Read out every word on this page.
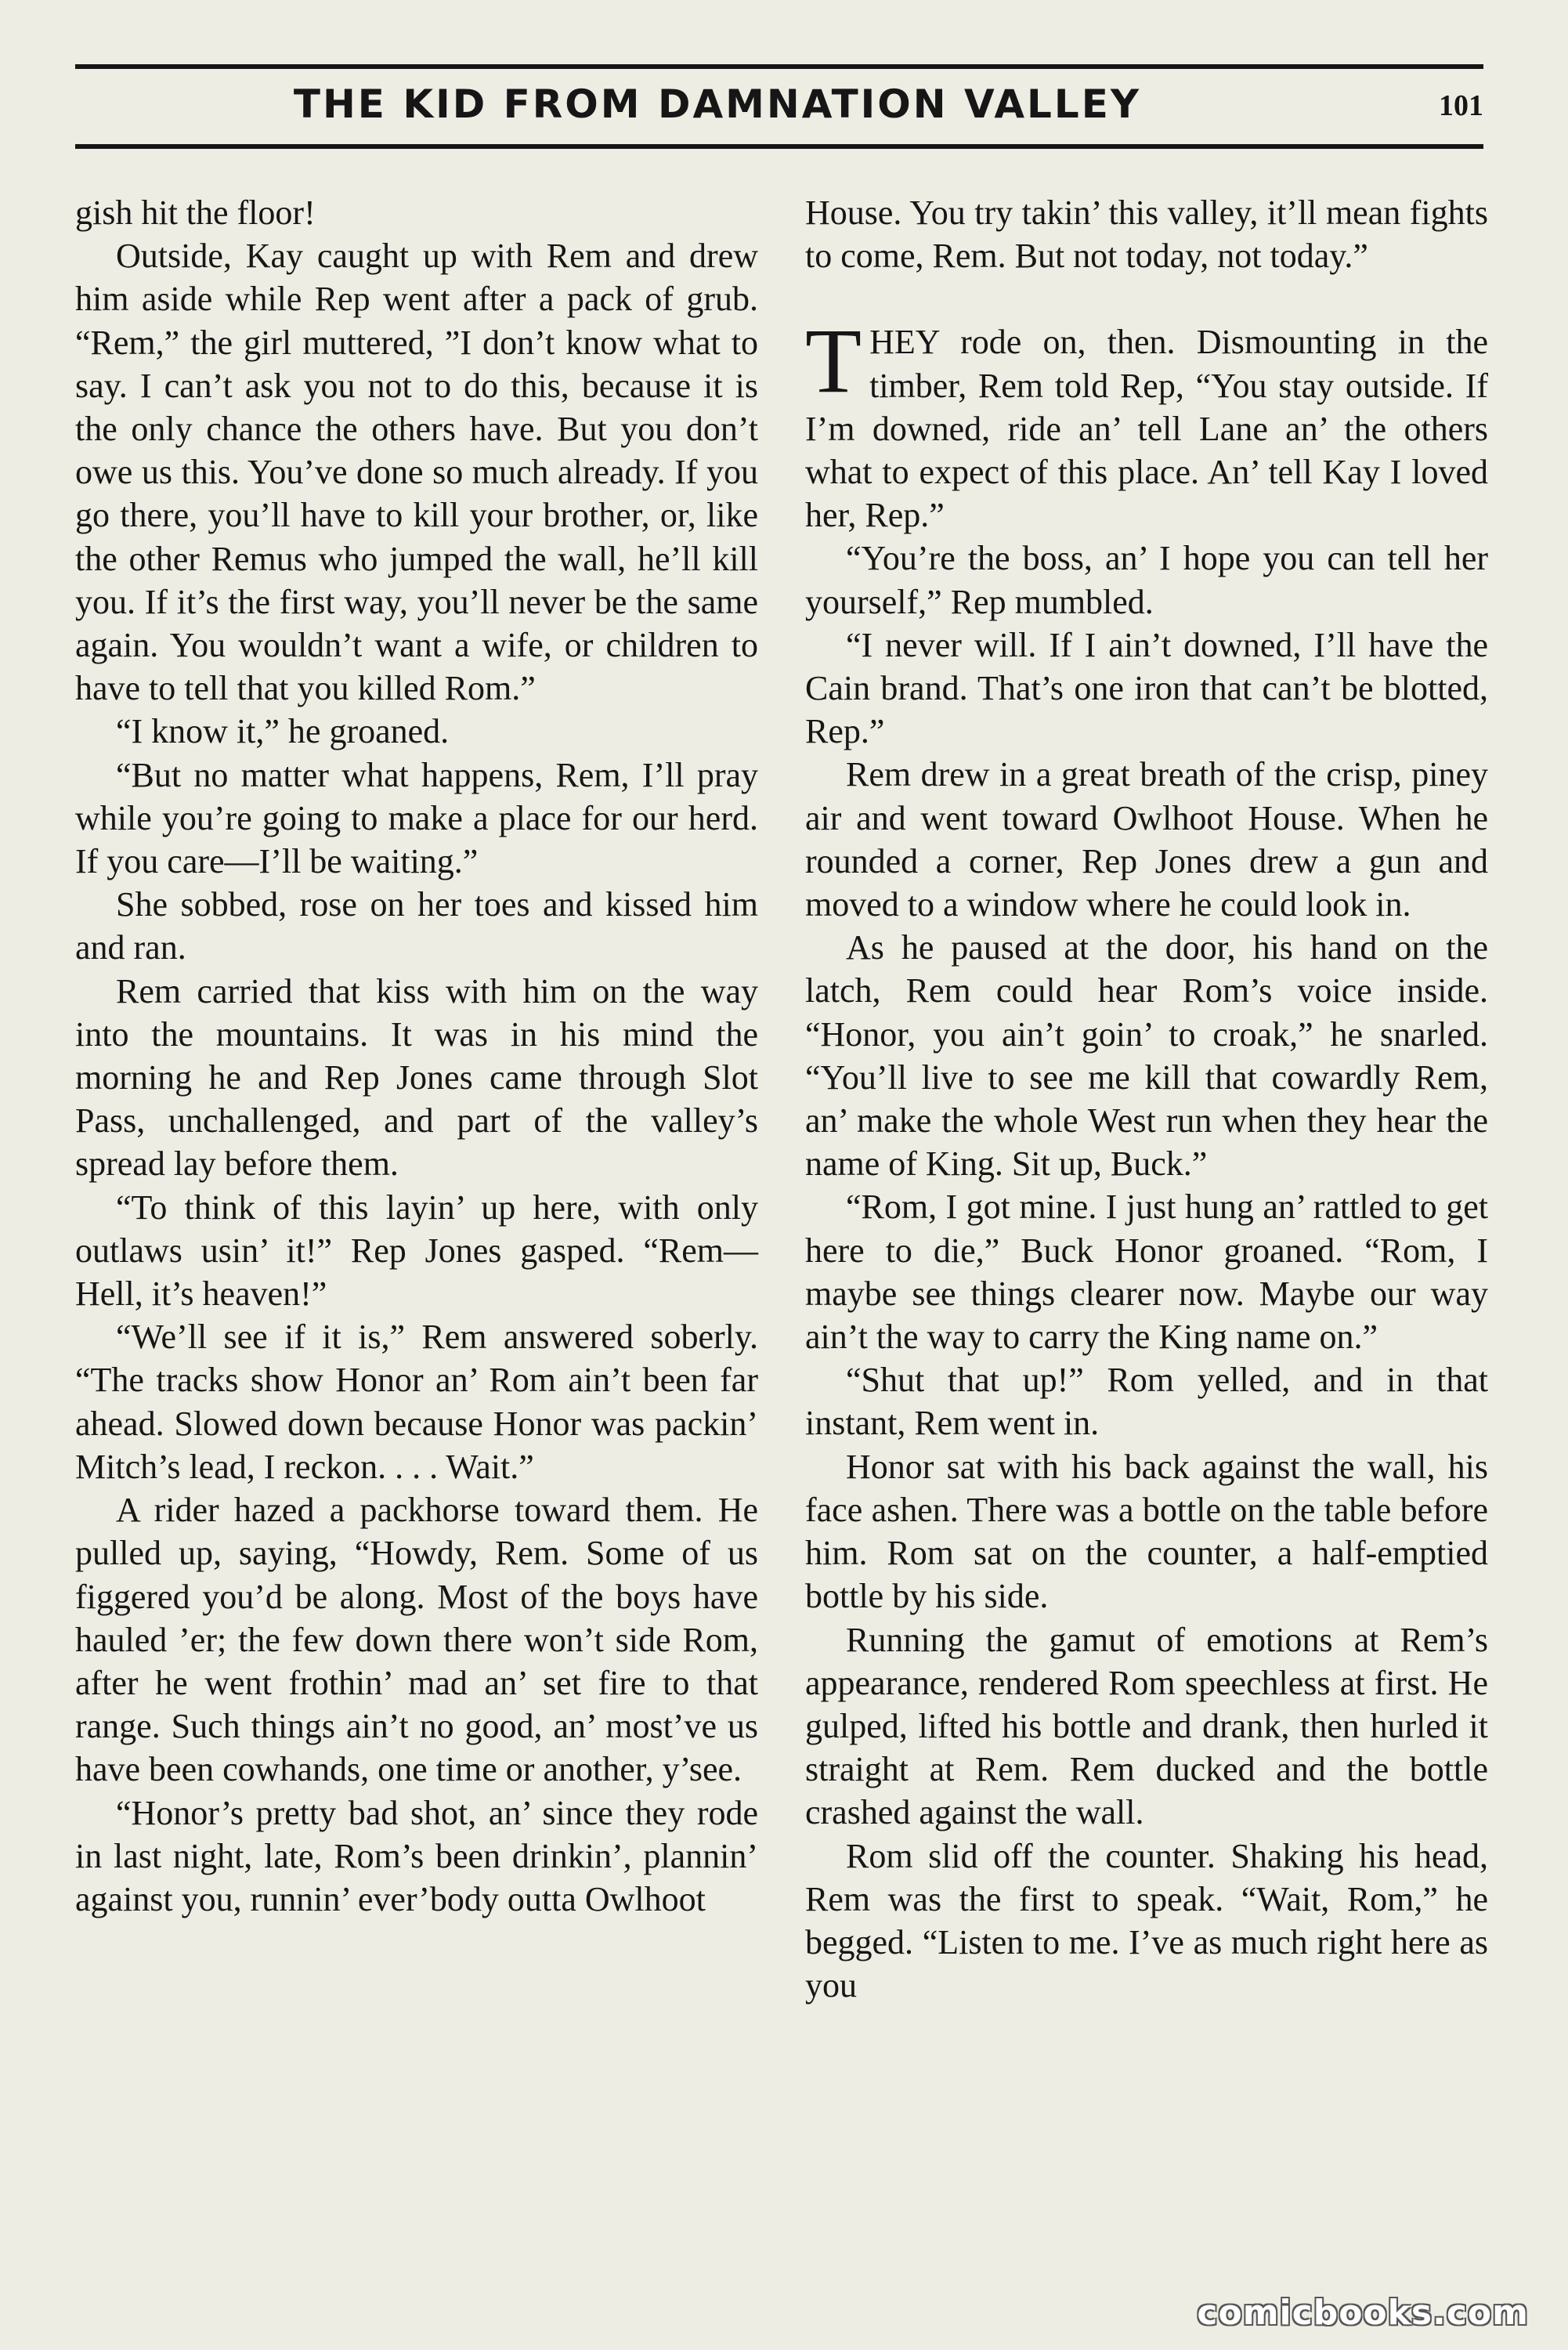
THE KID FROM DAMNATION VALLEY	101

gish hit the floor!

Outside, Kay caught up with Rem and drew him aside while Rep went after a pack of grub. “Rem,” the girl muttered, ”I don’t know what to say. I can’t ask you not to do this, because it is the only chance the others have. But you don’t owe us this. You’ve done so much already. If you go there, you’ll have to kill your brother, or, like the other Remus who jumped the wall, he’ll kill you. If it’s the first way, you’ll never be the same again. You wouldn’t want a wife, or children to have to tell that you killed Rom.”

“I know it,” he groaned.

“But no matter what happens, Rem, I’ll pray while you’re going to make a place for our herd. If you care—I’ll be waiting.”

She sobbed, rose on her toes and kissed him and ran.

Rem carried that kiss with him on the way into the mountains. It was in his mind the morning he and Rep Jones came through Slot Pass, unchallenged, and part of the valley’s spread lay before them.

“To think of this layin’ up here, with only outlaws usin’ it!” Rep Jones gasped. “Rem—Hell, it’s heaven!”

“We’ll see if it is,” Rem answered soberly. “The tracks show Honor an’ Rom ain’t been far ahead. Slowed down because Honor was packin’ Mitch’s lead, I reckon. . . . Wait.”

A rider hazed a packhorse toward them. He pulled up, saying, “Howdy, Rem. Some of us figgered you’d be along. Most of the boys have hauled ’er; the few down there won’t side Rom, after he went frothin’ mad an’ set fire to that range. Such things ain’t no good, an’ most’ve us have been cowhands, one time or another, y’see.

“Honor’s pretty bad shot, an’ since they rode in last night, late, Rom’s been drinkin’, plannin’ against you, runnin’ ever’body outta Owlhoot

House. You try takin’ this valley, it’ll mean fights to come, Rem. But not today, not today.”

THEY rode on, then. Dismounting in the timber, Rem told Rep, “You stay outside. If I’m downed, ride an’ tell Lane an’ the others what to expect of this place. An’ tell Kay I loved her, Rep.”

“You’re the boss, an’ I hope you can tell her yourself,” Rep mumbled.

“I never will. If I ain’t downed, I’ll have the Cain brand. That’s one iron that can’t be blotted, Rep.”

Rem drew in a great breath of the crisp, piney air and went toward Owlhoot House. When he rounded a corner, Rep Jones drew a gun and moved to a window where he could look in.

As he paused at the door, his hand on the latch, Rem could hear Rom’s voice inside. “Honor, you ain’t goin’ to croak,” he snarled. “You’ll live to see me kill that cowardly Rem, an’ make the whole West run when they hear the name of King. Sit up, Buck.”

“Rom, I got mine. I just hung an’ rattled to get here to die,” Buck Honor groaned. “Rom, I maybe see things clearer now. Maybe our way ain’t the way to carry the King name on.”

“Shut that up!” Rom yelled, and in that instant, Rem went in.

Honor sat with his back against the wall, his face ashen. There was a bottle on the table before him. Rom sat on the counter, a half-emptied bottle by his side.

Running the gamut of emotions at Rem’s appearance, rendered Rom speechless at first. He gulped, lifted his bottle and drank, then hurled it straight at Rem. Rem ducked and the bottle crashed against the wall.

Rom slid off the counter. Shaking his head, Rem was the first to speak. “Wait, Rom,” he begged. “Listen to me. I’ve as much right here as you

comicbooks.com
